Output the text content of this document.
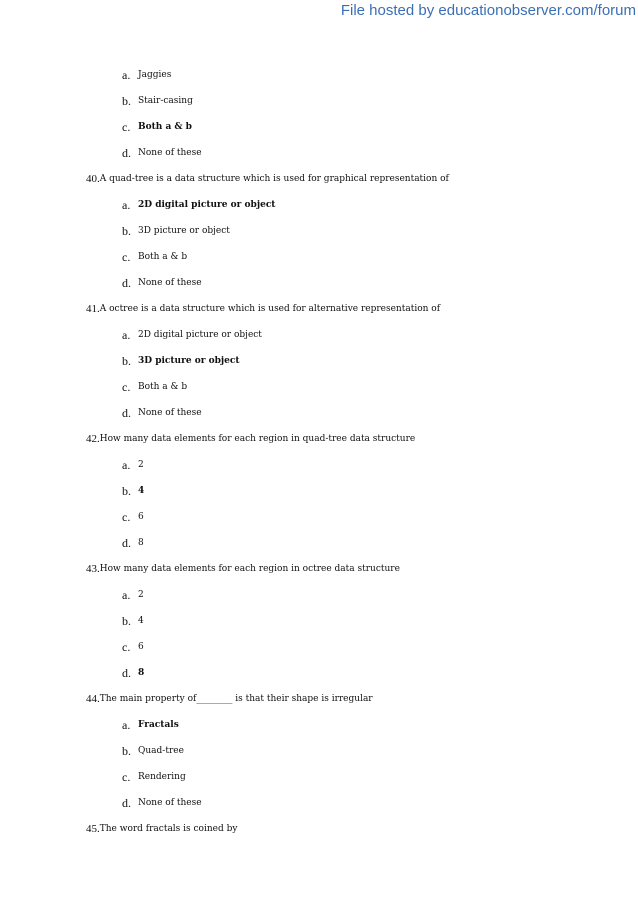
File hosted by educationobserver.com/forum
a. Jaggies
b. Stair-casing
c. Both a & b
d. None of these
40. A quad-tree is a data structure which is used for graphical representation of
a. 2D digital picture or object
b. 3D picture or object
c. Both a & b
d. None of these
41. A octree is a data structure which is used for alternative representation of
a. 2D digital picture or object
b. 3D picture or object
c. Both a & b
d. None of these
42. How many data elements for each region in quad-tree data structure
a. 2
b. 4
c. 6
d. 8
43. How many data elements for each region in octree data structure
a. 2
b. 4
c. 6
d. 8
44. The main property of________ is that their shape is irregular
a. Fractals
b. Quad-tree
c. Rendering
d. None of these
45. The word fractals is coined by
